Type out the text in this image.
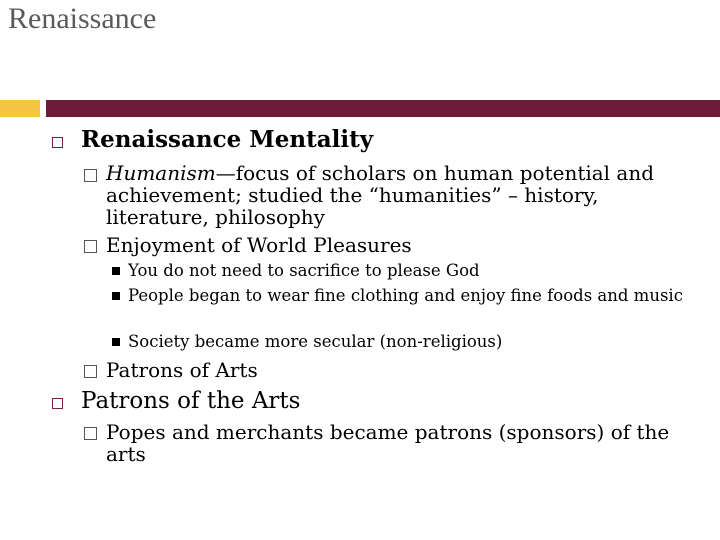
Renaissance
Renaissance Mentality
Humanism—focus of scholars on human potential and achievement; studied the “humanities” – history, literature, philosophy
Enjoyment of World Pleasures
You do not need to sacrifice to please God
People began to wear fine clothing and enjoy fine foods and music
Society became more secular (non-religious)
Patrons of Arts
Patrons of the Arts
Popes and merchants became patrons (sponsors) of the arts
